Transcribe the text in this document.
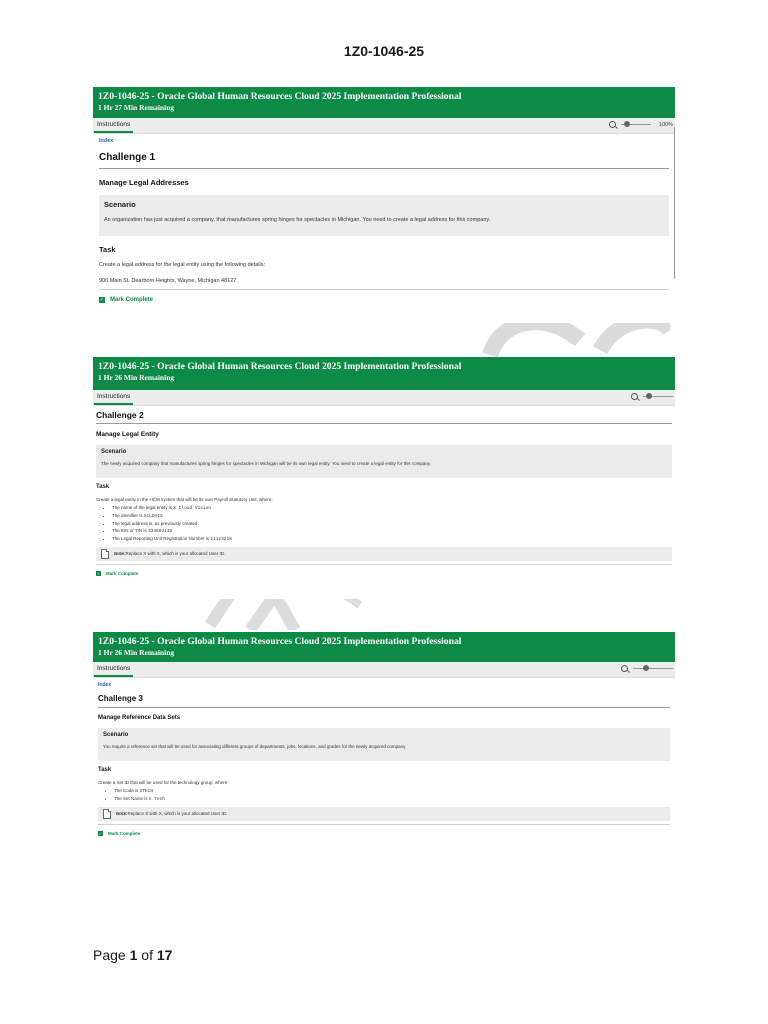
1Z0-1046-25
1Z0-1046-25 - Oracle Global Human Resources Cloud 2025 Implementation Professional
1 Hr 27 Min Remaining
Instructions	100%
Index
Challenge 1
Manage Legal Addresses
Scenario
An organization has just acquired a company, that manufactures spring hinges for spectacles in Michigan. You need to create a legal address for this company.
Task
Create a legal address for the legal entity using the following details:
900 Main St. Dearborn Heights, Wayne, Michigan 48127
✓ Mark Complete
1Z0-1046-25 - Oracle Global Human Resources Cloud 2025 Implementation Professional
1 Hr 26 Min Remaining
Instructions
Challenge 2
Manage Legal Entity
Scenario
The newly acquired company that manufactures spring hinges for spectacles in Michigan will be its own legal entity. You need to create a legal entity for this company.
Task
Create a legal entity in the HCM system that will be its own Payroll Statutory Unit, where:
• The name of the legal entity is X Cloud Vision
• The identifier is XCLDVIS
• The legal address is, as previously created
• The EIN or TIN is 334562133
• The Legal Reporting Unit Registration Number is 11123218
Note: Replace X with X, which is your allocated User ID.
✓ Mark Complete
1Z0-1046-25 - Oracle Global Human Resources Cloud 2025 Implementation Professional
1 Hr 26 Min Remaining
Instructions
Index
Challenge 3
Manage Reference Data Sets
Scenario
You require a reference set that will be used for associating different groups of departments, jobs, locations, and grades for the newly acquired company.
Task
Create a Set ID that will be used for the technology group, where:
• The Code is XTECH
• The Set Name is X Tech
Note: Replace X with X, which is your allocated User ID.
✓ Mark Complete
Page 1 of 17
